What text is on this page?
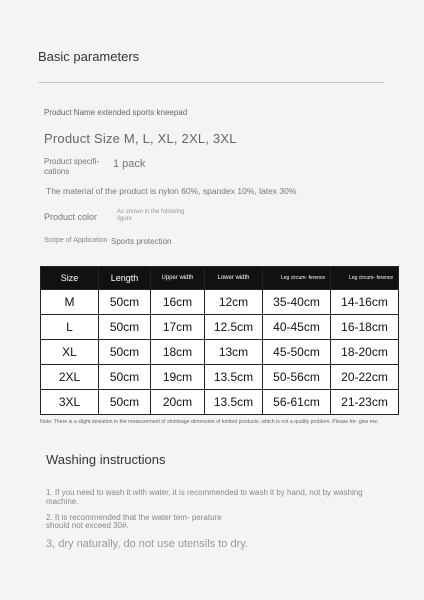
Basic parameters
Product Name extended sports kneepad
Product Size M, L, XL, 2XL, 3XL
Product specifi- cations
1 pack
The material of the product is nylon 60%, spandex 10%, latex 30%
Product color	As shown in the following figure
Scope of Application Sports protection
Size	Length	Upper width	Lower width	Leg circum- ference	Leg circum- ference
M	50cm	16cm	12cm	35-40cm	14-16cm
L	50cm	17cm	12.5cm	40-45cm	16-18cm
XL	50cm	18cm	13cm	45-50cm	18-20cm
2XL	50cm	19cm	13.5cm	50-56cm	20-22cm
3XL	50cm	20cm	13.5cm	56-61cm	21-23cm
Note: There is a slight deviation in the measurement of shrinkage dimension of knitted products, which is not a quality problem. Please for- give me.
Washing instructions
1. If you need to wash it with water, it is recommended to wash it by hand, not by washing machine.
2. It is recommended that the water tem- perature should not exceed 30#.
3, dry naturally, do not use utensils to dry.
